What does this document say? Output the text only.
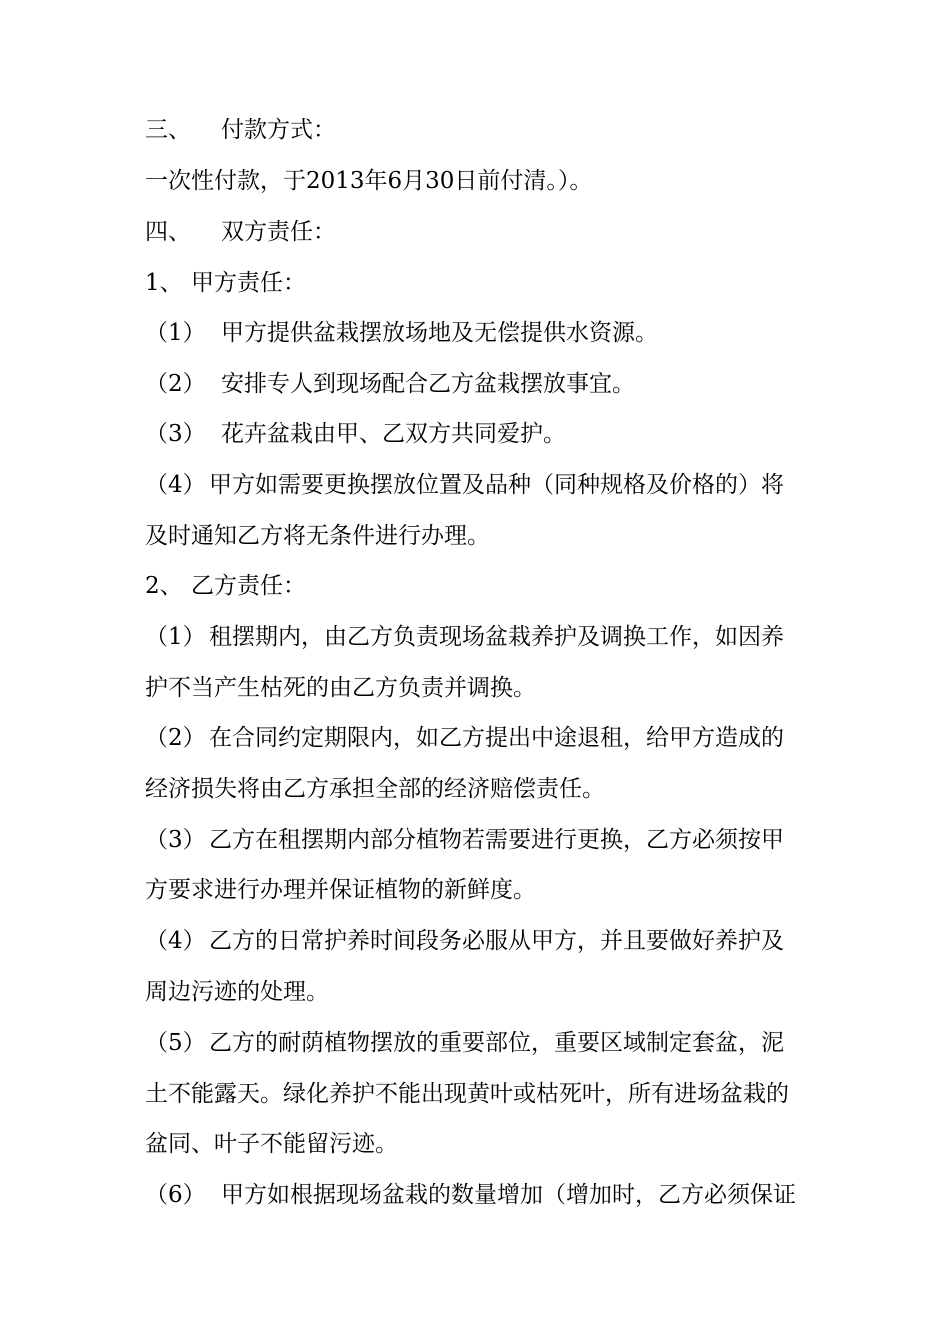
三、 付款方式：
一次性付款，于2013年6月30日前付清。）。
四、 双方责任：
1、 甲方责任：
（1） 甲方提供盆栽摆放场地及无偿提供水资源。
（2） 安排专人到现场配合乙方盆栽摆放事宜。
（3） 花卉盆栽由甲、乙双方共同爱护。
（4） 甲方如需要更换摆放位置及品种（同种规格及价格的）将
及时通知乙方将无条件进行办理。
2、 乙方责任：
（1） 租摆期内，由乙方负责现场盆栽养护及调换工作，如因养
护不当产生枯死的由乙方负责并调换。
（2） 在合同约定期限内，如乙方提出中途退租，给甲方造成的
经济损失将由乙方承担全部的经济赔偿责任。
（3） 乙方在租摆期内部分植物若需要进行更换，乙方必须按甲
方要求进行办理并保证植物的新鲜度。
（4） 乙方的日常护养时间段务必服从甲方，并且要做好养护及
周边污迹的处理。
（5） 乙方的耐荫植物摆放的重要部位，重要区域制定套盆，泥
土不能露天。绿化养护不能出现黄叶或枯死叶，所有进场盆栽的
盆同、叶子不能留污迹。
（6） 甲方如根据现场盆栽的数量增加（增加时，乙方必须保证
